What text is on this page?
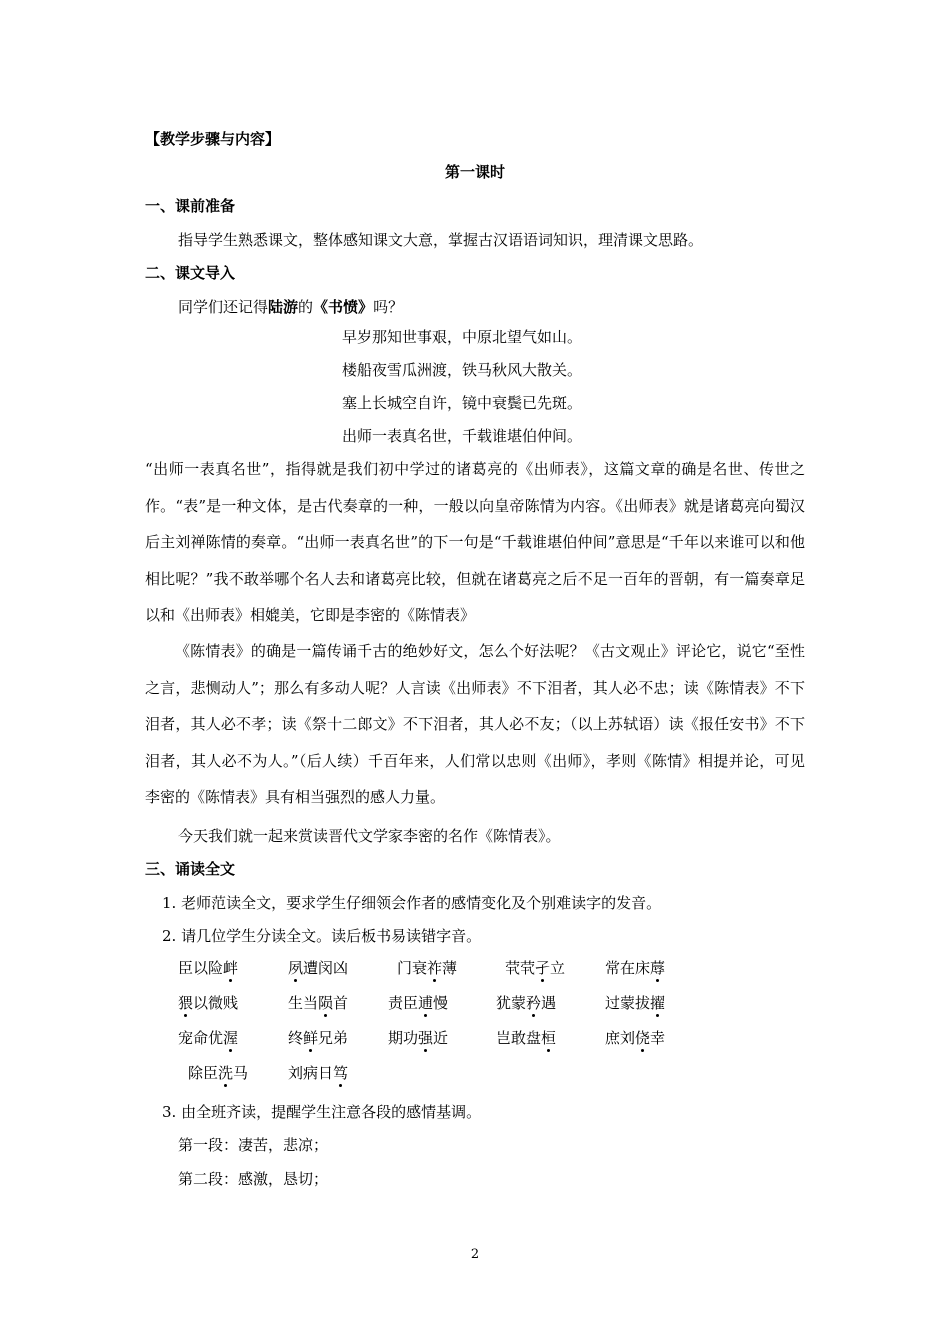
【教学步骤与内容】
第一课时
一、课前准备
指导学生熟悉课文，整体感知课文大意，掌握古汉语语词知识，理清课文思路。
二、课文导入
同学们还记得陆游的《书愤》吗？
早岁那知世事艰，中原北望气如山。
楼船夜雪瓜洲渡，铁马秋风大散关。
塞上长城空自许，镜中衰鬓已先斑。
出师一表真名世，千载谁堪伯仲间。
“出师一表真名世”，指得就是我们初中学过的诸葛亮的《出师表》，这篇文章的确是名世、传世之作。“表”是一种文体，是古代奏章的一种，一般以向皇帝陈情为内容。《出师表》就是诸葛亮向蜀汉后主刘禅陈情的奏章。“出师一表真名世”的下一句是“千载谁堪伯仲间”意思是“千年以来谁可以和他相比呢？”我不敢举哪个名人去和诸葛亮比较，但就在诸葛亮之后不足一百年的晋朝，有一篇奏章足以和《出师表》相媲美，它即是李密的《陈情表》
《陈情表》的确是一篇传诵千古的绝妙好文，怎么个好法呢？《古文观止》评论它，说它“至性之言，悲恻动人”；那么有多动人呢？人言读《出师表》不下泪者，其人必不忠；读《陈情表》不下泪者，其人必不孝；读《祭十二郎文》不下泪者，其人必不友；（以上苏轼语）读《报任安书》不下泪者，其人必不为人。”（后人续）千百年来，人们常以忠则《出师》，孝则《陈情》相提并论，可见李密的《陈情表》具有相当强烈的感人力量。
今天我们就一起来赏读晋代文学家李密的名作《陈情表》。
三、诵读全文
1. 老师范读全文，要求学生仔细领会作者的感情变化及个别难读字的发音。
2. 请几位学生分读全文。读后板书易读错字音。
臣以险衅	夙遭闵凶	门衰祚薄	茕茕孑立	常在床蓐
猥以微贱	生当陨首	责臣逋慢	犹蒙矜遇	过蒙拔擢
宠命优渥	终鲜兄弟	期功强近	岂敢盘桓	庶刘侥幸
除臣洗马	刘病日笃
3. 由全班齐读，提醒学生注意各段的感情基调。
第一段：凄苦，悲凉；
第二段：感激，恳切；
2
